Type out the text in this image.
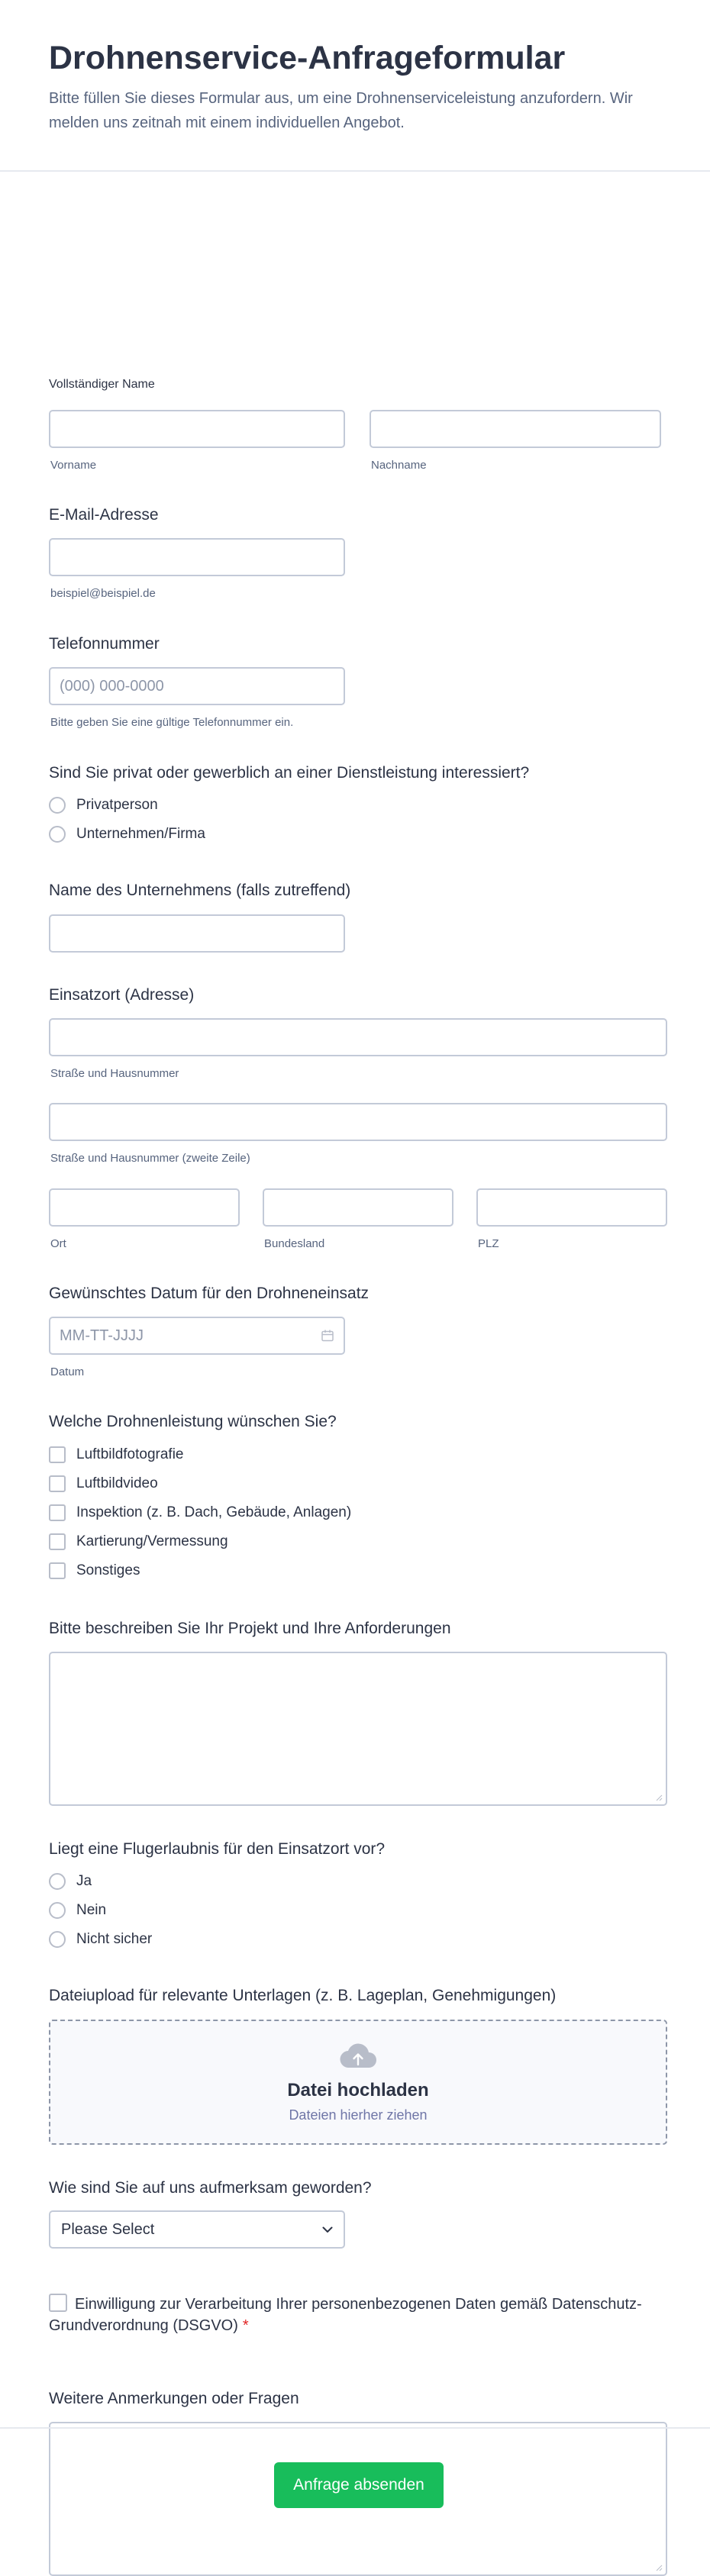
Drohnenservice-Anfrageformular

Bitte füllen Sie dieses Formular aus, um eine Drohnenserviceleistung anzufordern. Wir melden uns zeitnah mit einem individuellen Angebot.

Vollständiger Name
Vorname	Nachname
E-Mail-Adresse
beispiel@beispiel.de
Telefonnummer
(000) 000-0000
Bitte geben Sie eine gültige Telefonnummer ein.
Sind Sie privat oder gewerblich an einer Dienstleistung interessiert?
Privatperson
Unternehmen/Firma
Name des Unternehmens (falls zutreffend)
Einsatzort (Adresse)
Straße und Hausnummer
Straße und Hausnummer (zweite Zeile)
Ort	Bundesland	PLZ
Gewünschtes Datum für den Drohneneinsatz
MM-TT-JJJJ
Datum
Welche Drohnenleistung wünschen Sie?
Luftbildfotografie
Luftbildvideo
Inspektion (z. B. Dach, Gebäude, Anlagen)
Kartierung/Vermessung
Sonstiges
Bitte beschreiben Sie Ihr Projekt und Ihre Anforderungen
Liegt eine Flugerlaubnis für den Einsatzort vor?
Ja
Nein
Nicht sicher
Dateiupload für relevante Unterlagen (z. B. Lageplan, Genehmigungen)
Datei hochladen
Dateien hierher ziehen
Wie sind Sie auf uns aufmerksam geworden?
Please Select
Einwilligung zur Verarbeitung Ihrer personenbezogenen Daten gemäß Datenschutz-Grundverordnung (DSGVO) *
Weitere Anmerkungen oder Fragen
Anfrage absenden
